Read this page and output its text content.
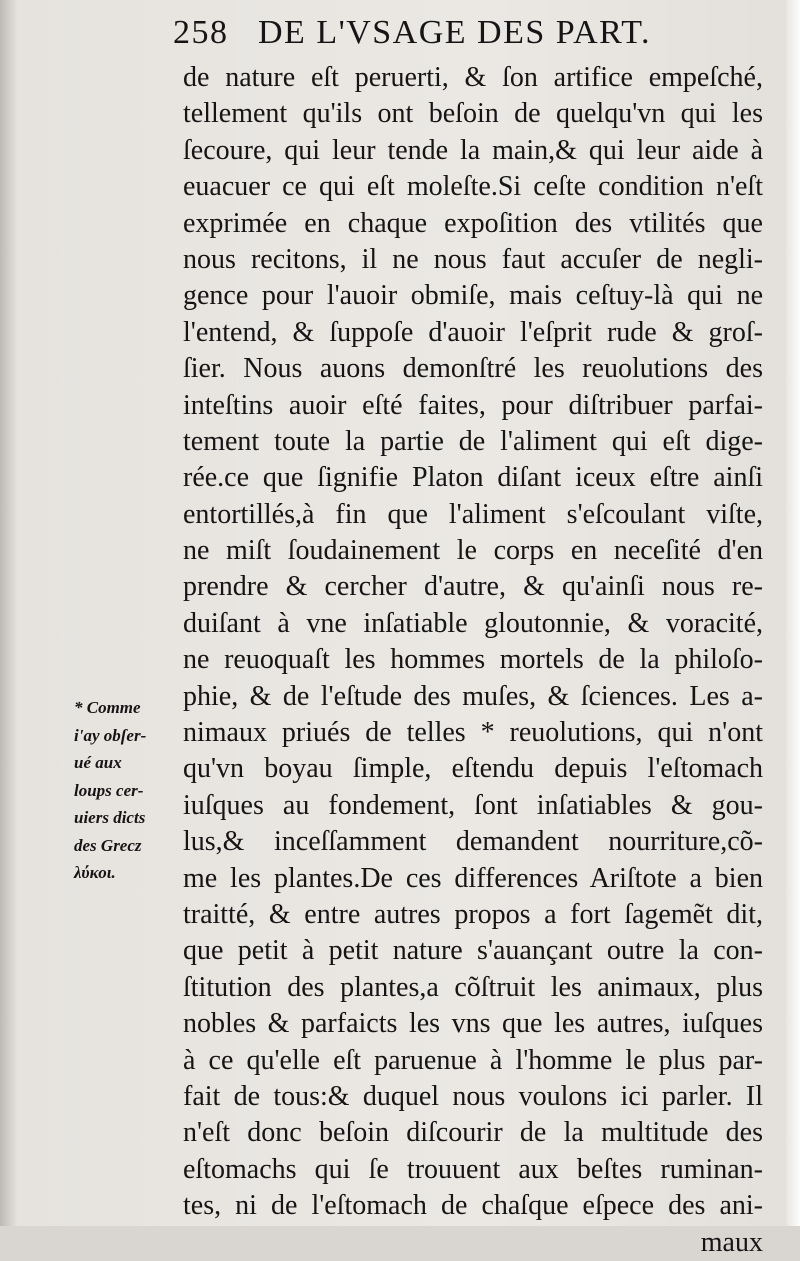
258 DE L'VSAGE DES PART.
de nature eſt peruerti, & ſon artifice empeſché,
tellement qu'ils ont beſoin de quelqu'vn qui les
ſecoure, qui leur tende la main,& qui leur aide à
euacuer ce qui eſt moleſte.Si ceſte condition n'eſt
exprimée en chaque expoſition des vtilités que
nous recitons, il ne nous faut accuſer de negli-
gence pour l'auoir obmiſe, mais ceſtuy-là qui ne
l'entend, & ſuppoſe d'auoir l'eſprit rude & groſ-
ſier. Nous auons demonſtré les reuolutions des
inteſtins auoir eſté faites, pour diſtribuer parfai-
tement toute la partie de l'aliment qui eſt dige-
rée.ce que ſignifie Platon diſant iceux eſtre ainſi
entortillés,à fin que l'aliment s'eſcoulant viſte,
ne miſt ſoudainement le corps en neceſité d'en
prendre & cercher d'autre, & qu'ainſi nous re-
duiſant à vne inſatiable gloutonnie, & voracité,
ne reuoquaſt les hommes mortels de la philoſo-
phie, & de l'eſtude des muſes, & ſciences. Les a-
nimaux priués de telles * reuolutions, qui n'ont
qu'vn boyau ſimple, eſtendu depuis l'eſtomach
iuſques au fondement, ſont inſatiables & gou-
lus,& inceſſamment demandent nourriture,cõ-
me les plantes.De ces differences Ariſtote a bien
traitté, & entre autres propos a fort ſagemẽt dit,
que petit à petit nature s'auançant outre la con-
ſtitution des plantes,a cõſtruit les animaux, plus
nobles & parfaicts les vns que les autres, iuſques
à ce qu'elle eſt paruenue à l'homme le plus par-
fait de tous:& duquel nous voulons ici parler. Il
n'eſt donc beſoin diſcourir de la multitude des
eſtomachs qui ſe trouuent aux beſtes ruminan-
tes, ni de l'eſtomach de chaſque eſpece des ani-
maux
* Comme
i'ay obſer-
ué aux
loups cer-
uiers dicts
des Grecz
λύκοι.
